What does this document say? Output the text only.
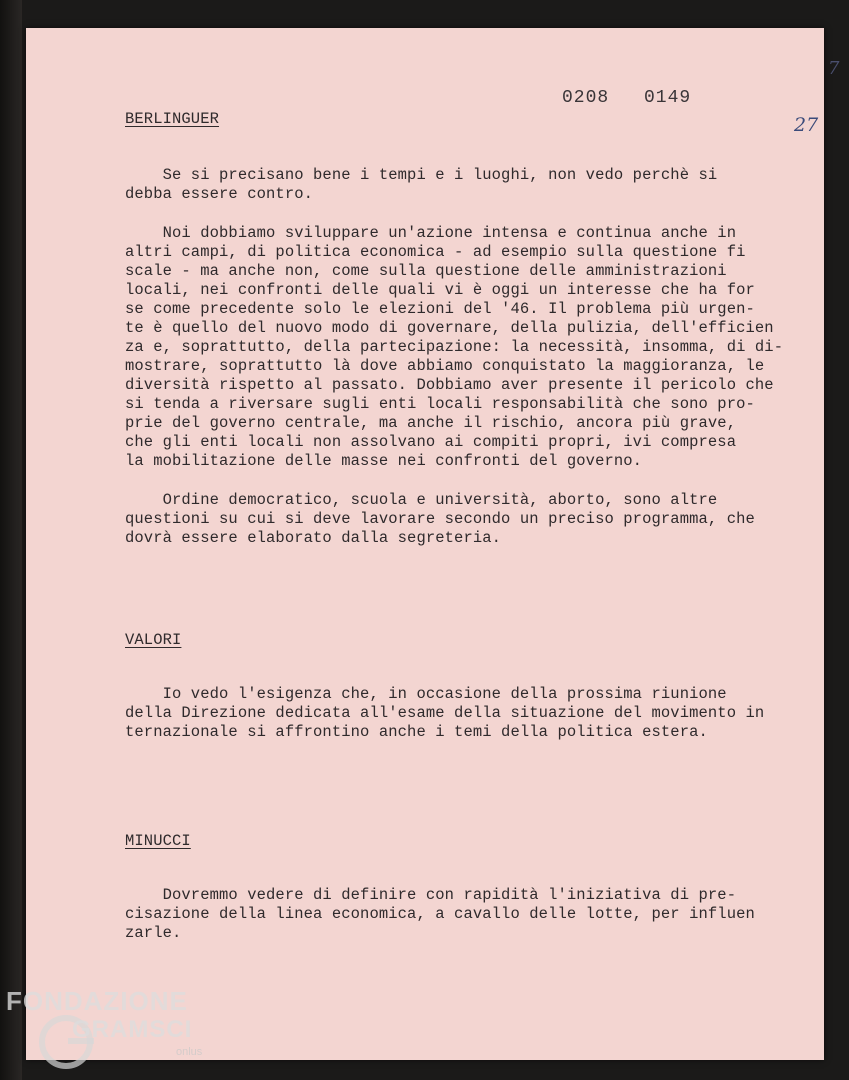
0208 0149
27
7
BERLINGUER
Se si precisano bene i tempi e i luoghi, non vedo perchè si
debba essere contro.
Noi dobbiamo sviluppare un'azione intensa e continua anche in
altri campi, di politica economica - ad esempio sulla questione fi
scale - ma anche non, come sulla questione delle amministrazioni
locali, nei confronti delle quali vi è oggi un interesse che ha for
se come precedente solo le elezioni del '46. Il problema più urgen-
te è quello del nuovo modo di governare, della pulizia, dell'efficien
za e, soprattutto, della partecipazione: la necessità, insomma, di di-
mostrare, soprattutto là dove abbiamo conquistato la maggioranza, le
diversità rispetto al passato. Dobbiamo aver presente il pericolo che
si tenda a riversare sugli enti locali responsabilità che sono pro-
prie del governo centrale, ma anche il rischio, ancora più grave,
che gli enti locali non assolvano ai compiti propri, ivi compresa
la mobilitazione delle masse nei confronti del governo.
Ordine democratico, scuola e università, aborto, sono altre
questioni su cui si deve lavorare secondo un preciso programma, che
dovrà essere elaborato dalla segreteria.
VALORI
Io vedo l'esigenza che, in occasione della prossima riunione
della Direzione dedicata all'esame della situazione del movimento in
ternazionale si affrontino anche i temi della politica estera.
MINUCCI
Dovremmo vedere di definire con rapidità l'iniziativa di pre-
cisazione della linea economica, a cavallo delle lotte, per influen
zarle.
FONDAZIONE
GRAMSCI
onlus
